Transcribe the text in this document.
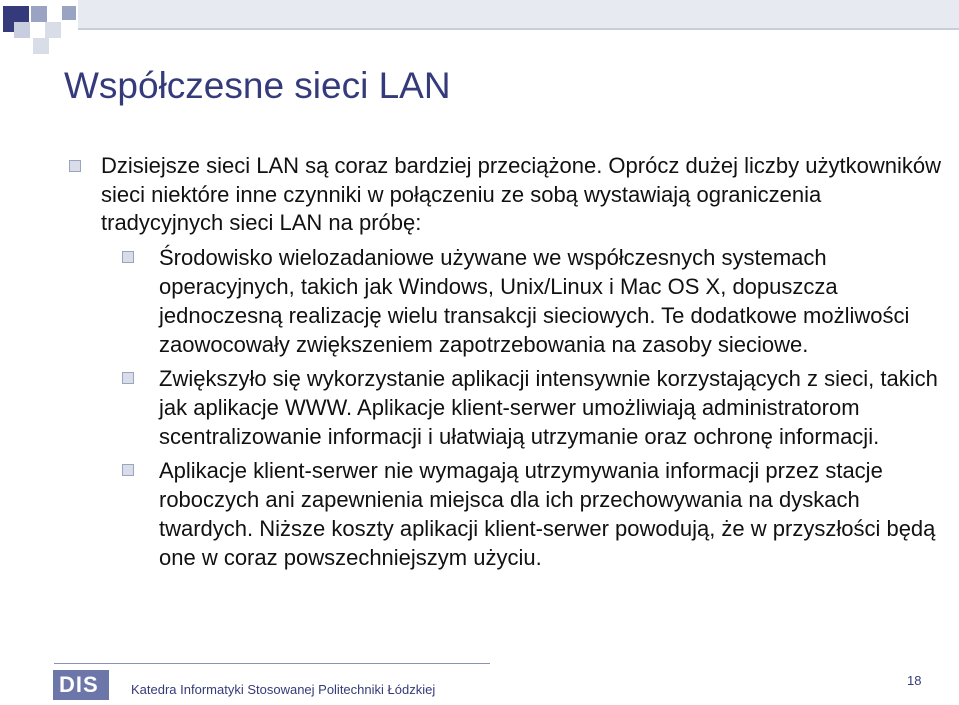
Współczesne sieci LAN
Dzisiejsze sieci LAN są coraz bardziej przeciążone. Oprócz dużej liczby użytkowników sieci niektóre inne czynniki w połączeniu ze sobą wystawiają ograniczenia tradycyjnych sieci LAN na próbę:
Środowisko wielozadaniowe używane we współczesnych systemach operacyjnych, takich jak Windows, Unix/Linux i Mac OS X, dopuszcza jednoczesną realizację wielu transakcji sieciowych. Te dodatkowe możliwości zaowocowały zwiększeniem zapotrzebowania na zasoby sieciowe.
Zwiększyło się wykorzystanie aplikacji intensywnie korzystających z sieci, takich jak aplikacje WWW. Aplikacje klient-serwer umożliwiają administratorom scentralizowanie informacji i ułatwiają utrzymanie oraz ochronę informacji.
Aplikacje klient-serwer nie wymagają utrzymywania informacji przez stacje roboczych ani zapewnienia miejsca dla ich przechowywania na dyskach twardych. Niższe koszty aplikacji klient-serwer powodują, że w przyszłości będą one w coraz powszechniejszym użyciu.
DIS Katedra Informatyki Stosowanej Politechniki Łódzkiej
18
